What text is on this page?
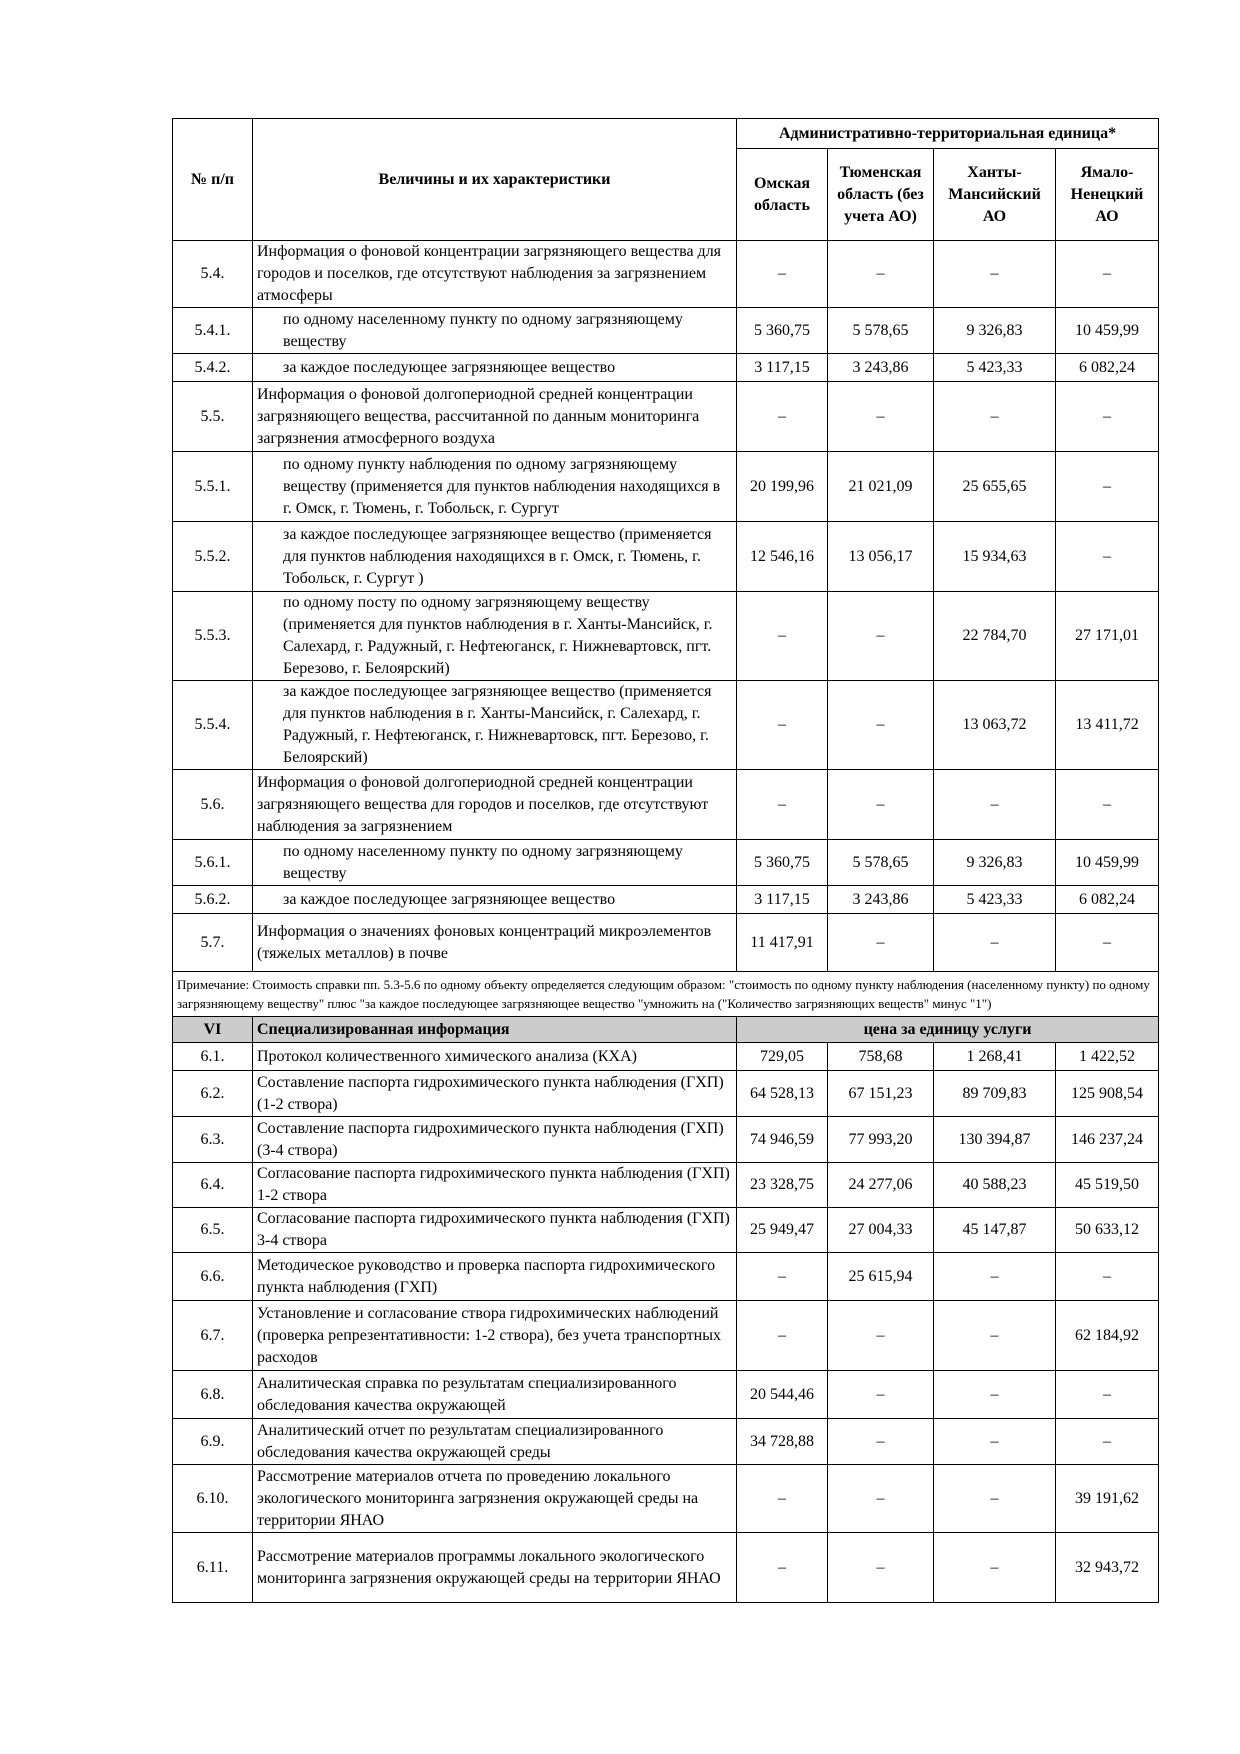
№ п/п	Величины и их характеристики	Административно-территориальная единица*			
		Омская область	Тюменская область (без учета АО)	Ханты-Мансийский АО	Ямало-Ненецкий АО
5.4.	Информация о фоновой концентрации загрязняющего вещества для городов и поселков, где отсутствуют наблюдения за загрязнением атмосферы	–	–	–	–
5.4.1.	по одному населенному пункту по одному загрязняющему веществу	5 360,75	5 578,65	9 326,83	10 459,99
5.4.2.	за каждое последующее загрязняющее вещество	3 117,15	3 243,86	5 423,33	6 082,24
5.5.	Информация о фоновой долгопериодной средней концентрации загрязняющего вещества, рассчитанной по данным мониторинга загрязнения атмосферного воздуха	–	–	–	–
5.5.1.	по одному пункту наблюдения по одному загрязняющему веществу (применяется для пунктов наблюдения находящихся в г. Омск, г. Тюмень, г. Тобольск, г. Сургут	20 199,96	21 021,09	25 655,65	–
5.5.2.	за каждое последующее загрязняющее вещество (применяется для пунктов наблюдения находящихся в г. Омск, г. Тюмень, г. Тобольск, г. Сургут )	12 546,16	13 056,17	15 934,63	–
5.5.3.	по одному посту по одному загрязняющему веществу (применяется для пунктов наблюдения в г. Ханты-Мансийск, г. Салехард, г. Радужный, г. Нефтеюганск, г. Нижневартовск, пгт. Березово, г. Белоярский)	–	–	22 784,70	27 171,01
5.5.4.	за каждое последующее загрязняющее вещество (применяется для пунктов наблюдения в г. Ханты-Мансийск, г. Салехард, г. Радужный, г. Нефтеюганск, г. Нижневартовск, пгт. Березово, г. Белоярский)	–	–	13 063,72	13 411,72
5.6.	Информация о фоновой долгопериодной средней концентрации загрязняющего вещества для городов и поселков, где отсутствуют наблюдения за загрязнением	–	–	–	–
5.6.1.	по одному населенному пункту по одному загрязняющему веществу	5 360,75	5 578,65	9 326,83	10 459,99
5.6.2.	за каждое последующее загрязняющее вещество	3 117,15	3 243,86	5 423,33	6 082,24
5.7.	Информация о значениях фоновых концентраций микроэлементов (тяжелых металлов) в почве	11 417,91	–	–	–
Примечание: Стоимость справки пп. 5.3-5.6 по одному объекту определяется следующим образом: "стоимость по одному пункту наблюдения (населенному пункту) по одному загрязняющему веществу" плюс "за каждое последующее загрязняющее вещество "умножить на ("Количество загрязняющих веществ" минус "1")					
VI	Специализированная информация	цена за единицу услуги			
6.1.	Протокол количественного химического анализа (КХА)	729,05	758,68	1 268,41	1 422,52
6.2.	Составление паспорта гидрохимического пункта наблюдения (ГХП) (1-2 створа)	64 528,13	67 151,23	89 709,83	125 908,54
6.3.	Составление паспорта гидрохимического пункта наблюдения (ГХП) (3-4 створа)	74 946,59	77 993,20	130 394,87	146 237,24
6.4.	Согласование паспорта гидрохимического пункта наблюдения (ГХП) 1-2 створа	23 328,75	24 277,06	40 588,23	45 519,50
6.5.	Согласование паспорта гидрохимического пункта наблюдения (ГХП) 3-4 створа	25 949,47	27 004,33	45 147,87	50 633,12
6.6.	Методическое руководство и проверка паспорта гидрохимического пункта наблюдения (ГХП)	–	25 615,94	–	–
6.7.	Установление и согласование створа гидрохимических наблюдений (проверка репрезентативности: 1-2 створа), без учета транспортных расходов	–	–	–	62 184,92
6.8.	Аналитическая справка по результатам специализированного обследования качества окружающей	20 544,46	–	–	–
6.9.	Аналитический отчет по результатам специализированного обследования качества окружающей среды	34 728,88	–	–	–
6.10.	Рассмотрение материалов отчета по проведению локального экологического мониторинга загрязнения окружающей среды на территории ЯНАО	–	–	–	39 191,62
6.11.	Рассмотрение материалов программы локального экологического мониторинга загрязнения окружающей среды на территории ЯНАО	–	–	–	32 943,72
